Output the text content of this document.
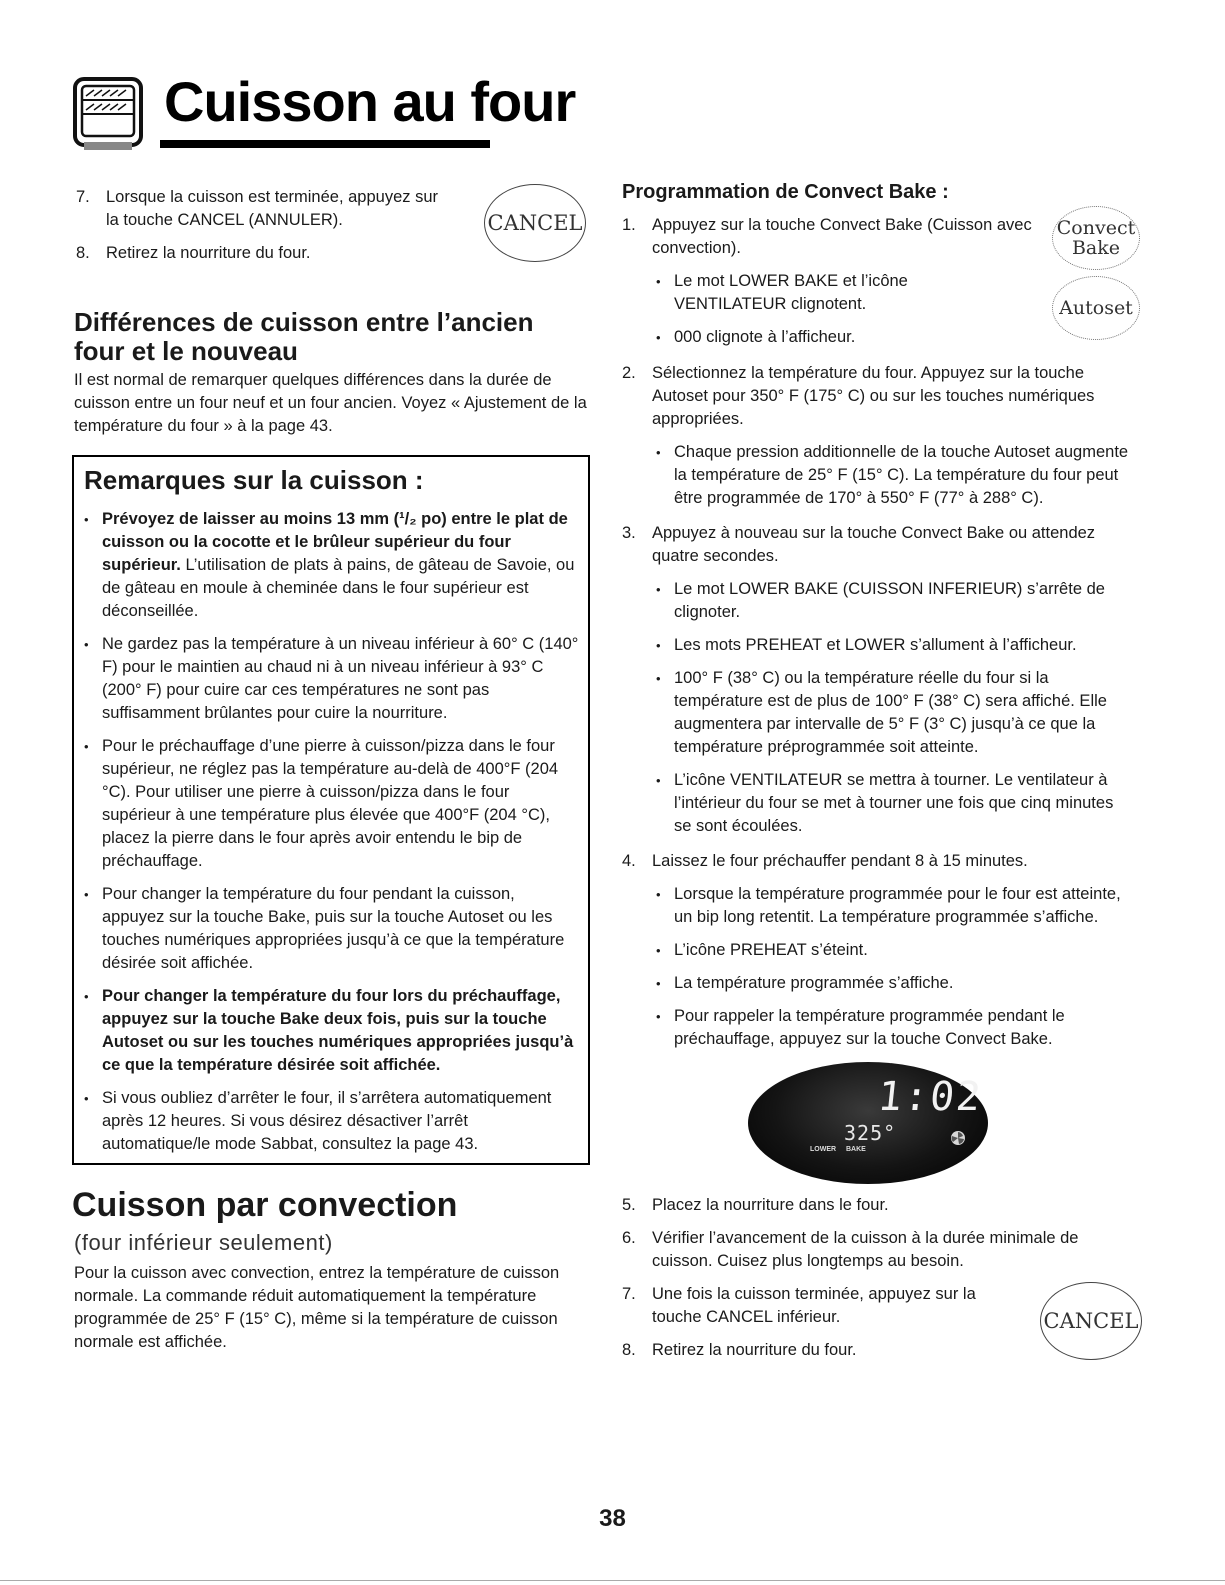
Cuisson au four
7. Lorsque la cuisson est terminée, appuyez sur la touche CANCEL (ANNULER).
8. Retirez la nourriture du four.
CANCEL
Différences de cuisson entre l’ancien four et le nouveau
Il est normal de remarquer quelques différences dans la durée de cuisson entre un four neuf et un four ancien. Voyez « Ajustement de la température du four » à la page 43.
Remarques sur la cuisson :
• Prévoyez de laisser au moins 13 mm (¹/₂ po) entre le plat de cuisson ou la cocotte et le brûleur supérieur du four supérieur. L’utilisation de plats à pains, de gâteau de Savoie, ou de gâteau en moule à cheminée dans le four supérieur est déconseillée.
• Ne gardez pas la température à un niveau inférieur à 60° C (140° F) pour le maintien au chaud ni à un niveau inférieur à 93° C (200° F) pour cuire car ces températures ne sont pas suffisamment brûlantes pour cuire la nourriture.
• Pour le préchauffage d’une pierre à cuisson/pizza dans le four supérieur, ne réglez pas la température au-delà de 400°F (204 °C). Pour utiliser une pierre à cuisson/pizza dans le four supérieur à une température plus élevée que 400°F (204 °C), placez la pierre dans le four après avoir entendu le bip de préchauffage.
• Pour changer la température du four pendant la cuisson, appuyez sur la touche Bake, puis sur la touche Autoset ou les touches numériques appropriées jusqu’à ce que la température désirée soit affichée.
• Pour changer la température du four lors du préchauffage, appuyez sur la touche Bake deux fois, puis sur la touche Autoset ou sur les touches numériques appropriées jusqu’à ce que la température désirée soit affichée.
• Si vous oubliez d’arrêter le four, il s’arrêtera automatiquement après 12 heures. Si vous désirez désactiver l’arrêt automatique/le mode Sabbat, consultez la page 43.
Cuisson par convection
(four inférieur seulement)
Pour la cuisson avec convection, entrez la température de cuisson normale. La commande réduit automatiquement la température programmée de 25° F (15° C), même si la température de cuisson normale est affichée.
Programmation de Convect Bake :
1. Appuyez sur la touche Convect Bake (Cuisson avec convection).
• Le mot LOWER BAKE et l’icône VENTILATEUR clignotent.
• 000 clignote à l’afficheur.
Convect
Bake
Autoset
2. Sélectionnez la température du four. Appuyez sur la touche Autoset pour 350° F (175° C) ou sur les touches numériques appropriées.
• Chaque pression additionnelle de la touche Autoset augmente la température de 25° F (15° C). La température du four peut être programmée de 170° à 550° F (77° à 288° C).
3. Appuyez à nouveau sur la touche Convect Bake ou attendez quatre secondes.
• Le mot LOWER BAKE (CUISSON INFERIEUR) s’arrête de clignoter.
• Les mots PREHEAT et LOWER s’allument à l’afficheur.
• 100° F (38° C) ou la température réelle du four si la température est de plus de 100° F (38° C) sera affiché. Elle augmentera par intervalle de 5° F (3° C) jusqu’à ce que la température préprogrammée soit atteinte.
• L’icône VENTILATEUR se mettra à tourner. Le ventilateur à l’intérieur du four se met à tourner une fois que cinq minutes se sont écoulées.
4. Laissez le four préchauffer pendant 8 à 15 minutes.
• Lorsque la température programmée pour le four est atteinte, un bip long retentit. La température programmée s’affiche.
• L’icône PREHEAT s’éteint.
• La température programmée s’affiche.
• Pour rappeler la température programmée pendant le préchauffage, appuyez sur la touche Convect Bake.
1:02
325°
LOWER BAKE
5. Placez la nourriture dans le four.
6. Vérifier l’avancement de la cuisson à la durée minimale de cuisson. Cuisez plus longtemps au besoin.
7. Une fois la cuisson terminée, appuyez sur la touche CANCEL inférieur.
8. Retirez la nourriture du four.
CANCEL
38
